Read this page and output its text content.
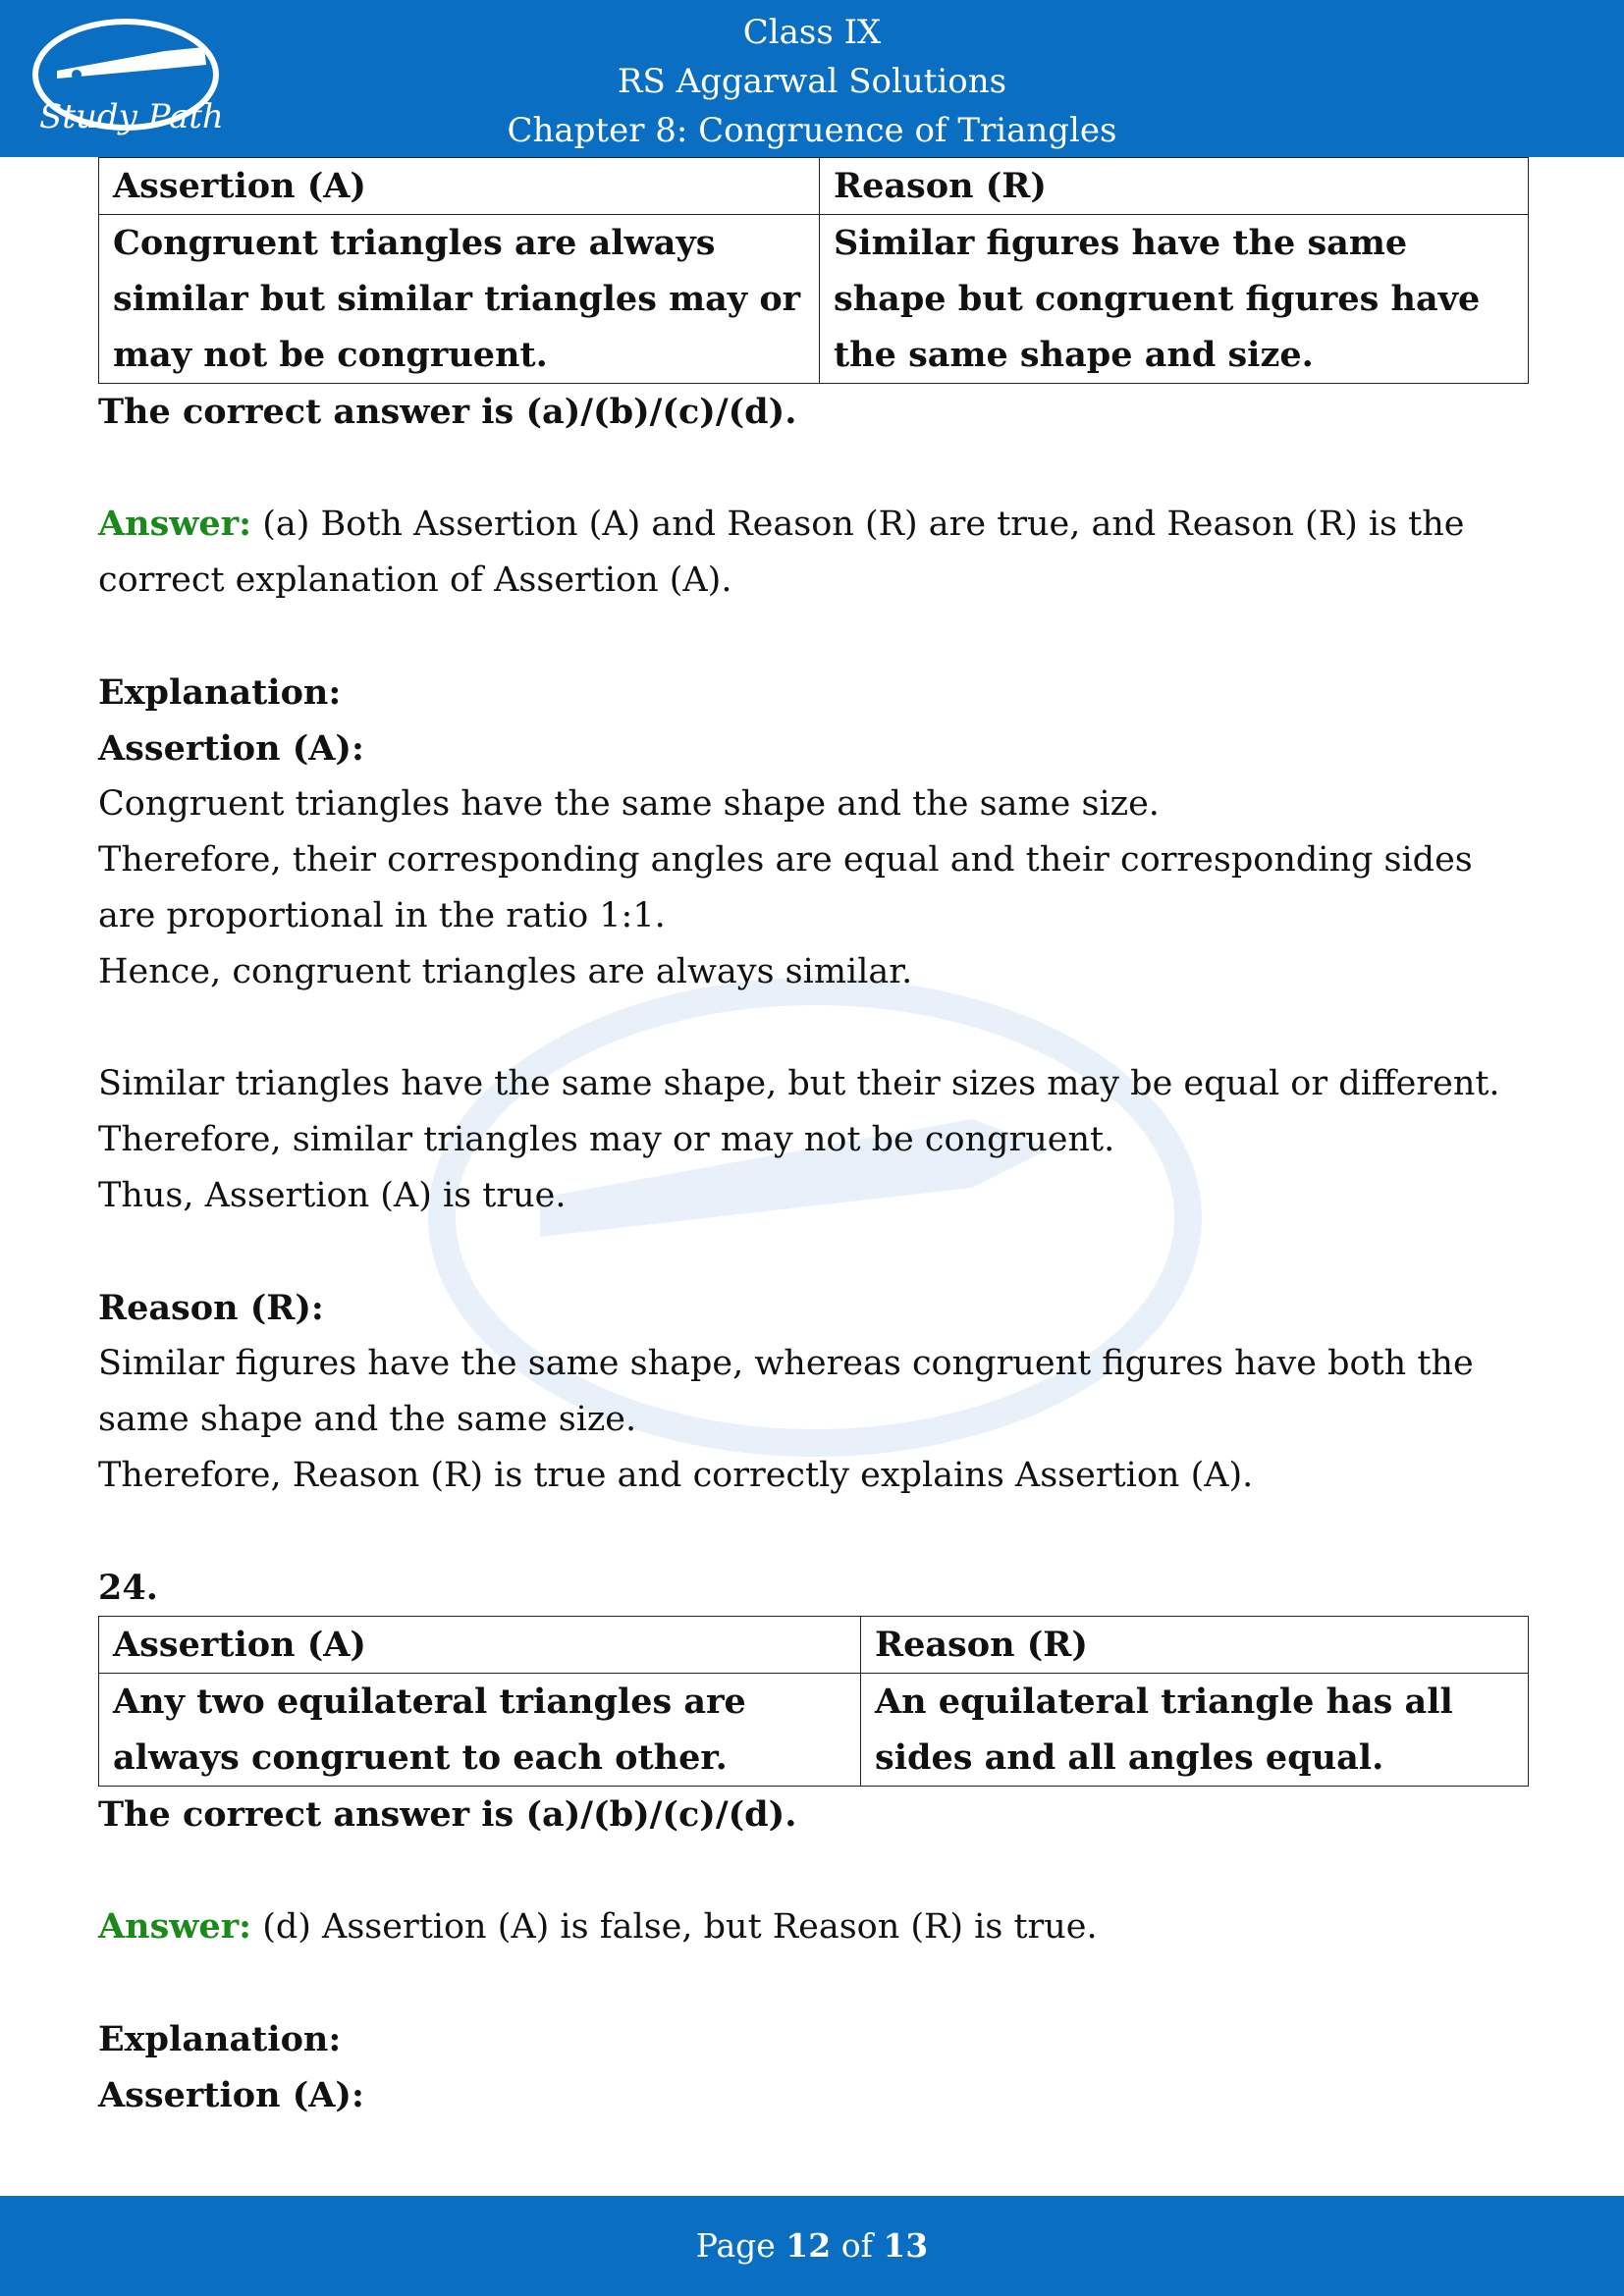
Study Path
Class IX
RS Aggarwal Solutions
Chapter 8: Congruence of Triangles
Assertion (A)	Reason (R)
Congruent triangles are always similar but similar triangles may or may not be congruent.	Similar figures have the same shape but congruent figures have the same shape and size.

The correct answer is (a)/(b)/(c)/(d).

Answer: (a) Both Assertion (A) and Reason (R) are true, and Reason (R) is the correct explanation of Assertion (A).

Explanation:

Assertion (A):

Congruent triangles have the same shape and the same size.

Therefore, their corresponding angles are equal and their corresponding sides are proportional in the ratio 1:1.

Hence, congruent triangles are always similar.

Similar triangles have the same shape, but their sizes may be equal or different.

Therefore, similar triangles may or may not be congruent.

Thus, Assertion (A) is true.

Reason (R):

Similar figures have the same shape, whereas congruent figures have both the same shape and the same size.

Therefore, Reason (R) is true and correctly explains Assertion (A).

24.

Assertion (A)	Reason (R)
Any two equilateral triangles are always congruent to each other.	An equilateral triangle has all sides and all angles equal.

The correct answer is (a)/(b)/(c)/(d).

Answer: (d) Assertion (A) is false, but Reason (R) is true.

Explanation:

Assertion (A):

Page 12 of 13
